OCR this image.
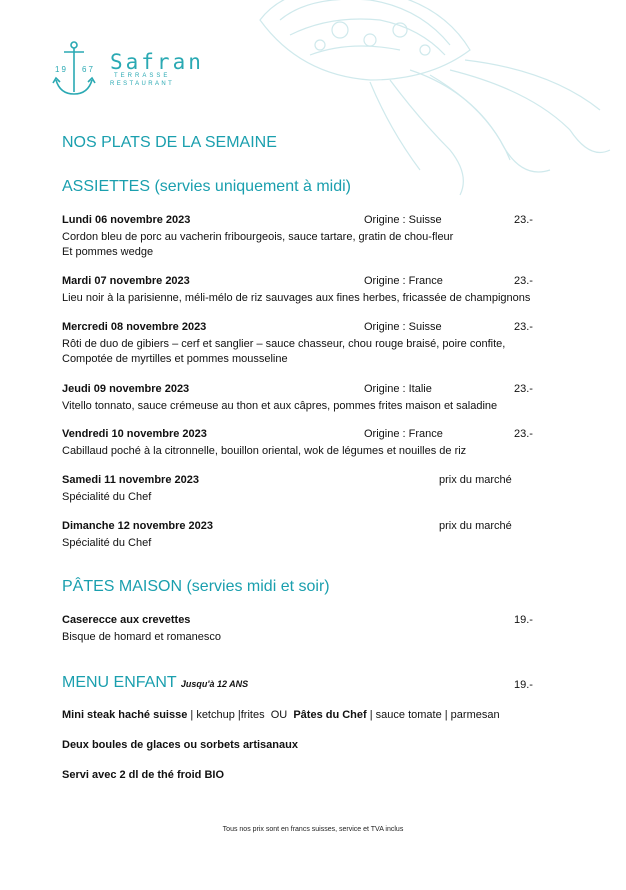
19 67 Safran
TERRASSE
RESTAURANT
NOS PLATS DE LA SEMAINE
ASSIETTES (servies uniquement à midi)
Lundi 06 novembre 2023	Origine : Suisse	23.-
Cordon bleu de porc au vacherin fribourgeois, sauce tartare, gratin de chou-fleur
Et pommes wedge
Mardi 07 novembre 2023	Origine : France	23.-
Lieu noir à la parisienne, méli-mélo de riz sauvages aux fines herbes, fricassée de champignons
Mercredi 08 novembre 2023	Origine : Suisse	23.-
Rôti de duo de gibiers – cerf et sanglier – sauce chasseur, chou rouge braisé, poire confite,
Compotée de myrtilles et pommes mousseline
Jeudi 09 novembre 2023	Origine : Italie	23.-
Vitello tonnato, sauce crémeuse au thon et aux câpres, pommes frites maison et saladine
Vendredi 10 novembre 2023	Origine : France	23.-
Cabillaud poché à la citronnelle, bouillon oriental, wok de légumes et nouilles de riz
Samedi 11 novembre 2023	prix du marché
Spécialité du Chef
Dimanche 12 novembre 2023	prix du marché
Spécialité du Chef
PÂTES MAISON (servies midi et soir)
Caserecce aux crevettes	19.-
Bisque de homard et romanesco
MENU ENFANT Jusqu'à 12 ANS	19.-
Mini steak haché suisse | ketchup |frites  OU  Pâtes du Chef | sauce tomate | parmesan
Deux boules de glaces ou sorbets artisanaux
Servi avec 2 dl de thé froid BIO
Tous nos prix sont en francs suisses, service et TVA inclus
